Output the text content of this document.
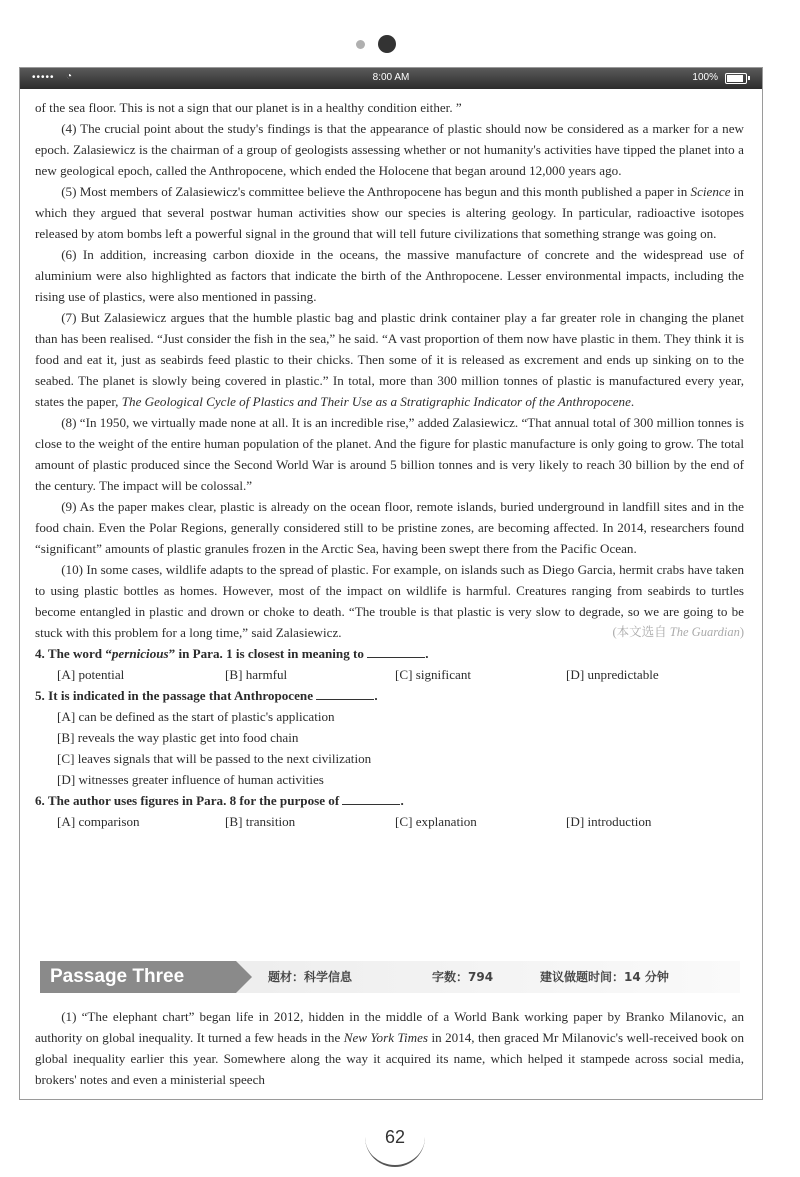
••••• ◔	8:00 AM	100%

of the sea floor. This is not a sign that our planet is in a healthy condition either. ”

(4) The crucial point about the study's findings is that the appearance of plastic should now be considered as a marker for a new epoch. Zalasiewicz is the chairman of a group of geologists assessing whether or not humanity's activities have tipped the planet into a new geological epoch, called the Anthropocene, which ended the Holocene that began around 12,000 years ago.

(5) Most members of Zalasiewicz's committee believe the Anthropocene has begun and this month published a paper in Science in which they argued that several postwar human activities show our species is altering geology. In particular, radioactive isotopes released by atom bombs left a powerful signal in the ground that will tell future civilizations that something strange was going on.

(6) In addition, increasing carbon dioxide in the oceans, the massive manufacture of concrete and the widespread use of aluminium were also highlighted as factors that indicate the birth of the Anthropocene. Lesser environmental impacts, including the rising use of plastics, were also mentioned in passing.

(7) But Zalasiewicz argues that the humble plastic bag and plastic drink container play a far greater role in changing the planet than has been realised. “Just consider the fish in the sea,” he said. “A vast proportion of them now have plastic in them. They think it is food and eat it, just as seabirds feed plastic to their chicks. Then some of it is released as excrement and ends up sinking on to the seabed. The planet is slowly being covered in plastic.” In total, more than 300 million tonnes of plastic is manufactured every year, states the paper, The Geological Cycle of Plastics and Their Use as a Stratigraphic Indicator of the Anthropocene.

(8) “In 1950, we virtually made none at all. It is an incredible rise,” added Zalasiewicz. “That annual total of 300 million tonnes is close to the weight of the entire human population of the planet. And the figure for plastic manufacture is only going to grow. The total amount of plastic produced since the Second World War is around 5 billion tonnes and is very likely to reach 30 billion by the end of the century. The impact will be colossal.”

(9) As the paper makes clear, plastic is already on the ocean floor, remote islands, buried underground in landfill sites and in the food chain. Even the Polar Regions, generally considered still to be pristine zones, are becoming affected. In 2014, researchers found “significant” amounts of plastic granules frozen in the Arctic Sea, having been swept there from the Pacific Ocean.

(10) In some cases, wildlife adapts to the spread of plastic. For example, on islands such as Diego Garcia, hermit crabs have taken to using plastic bottles as homes. However, most of the impact on wildlife is harmful. Creatures ranging from seabirds to turtles become entangled in plastic and drown or choke to death. “The trouble is that plastic is very slow to degrade, so we are going to be stuck with this problem for a long time,” said Zalasiewicz.	(本文选自 The Guardian)

4. The word “pernicious” in Para. 1 is closest in meaning to	.

[A] potential	[B] harmful	[C] significant	[D] unpredictable

5. It is indicated in the passage that Anthropocene	.

[A] can be defined as the start of plastic's application
[B] reveals the way plastic get into food chain
[C] leaves signals that will be passed to the next civilization
[D] witnesses greater influence of human activities

6. The author uses figures in Para. 8 for the purpose of	.

[A] comparison	[B] transition	[C] explanation	[D] introduction
Passage Three	题材：科学信息	字数：794	建议做题时间：14 分钟

(1) “The elephant chart” began life in 2012, hidden in the middle of a World Bank working paper by Branko Milanovic, an authority on global inequality. It turned a few heads in the New York Times in 2014, then graced Mr Milanovic's well-received book on global inequality earlier this year. Somewhere along the way it acquired its name, which helped it stampede across social media, brokers' notes and even a ministerial speech

62
